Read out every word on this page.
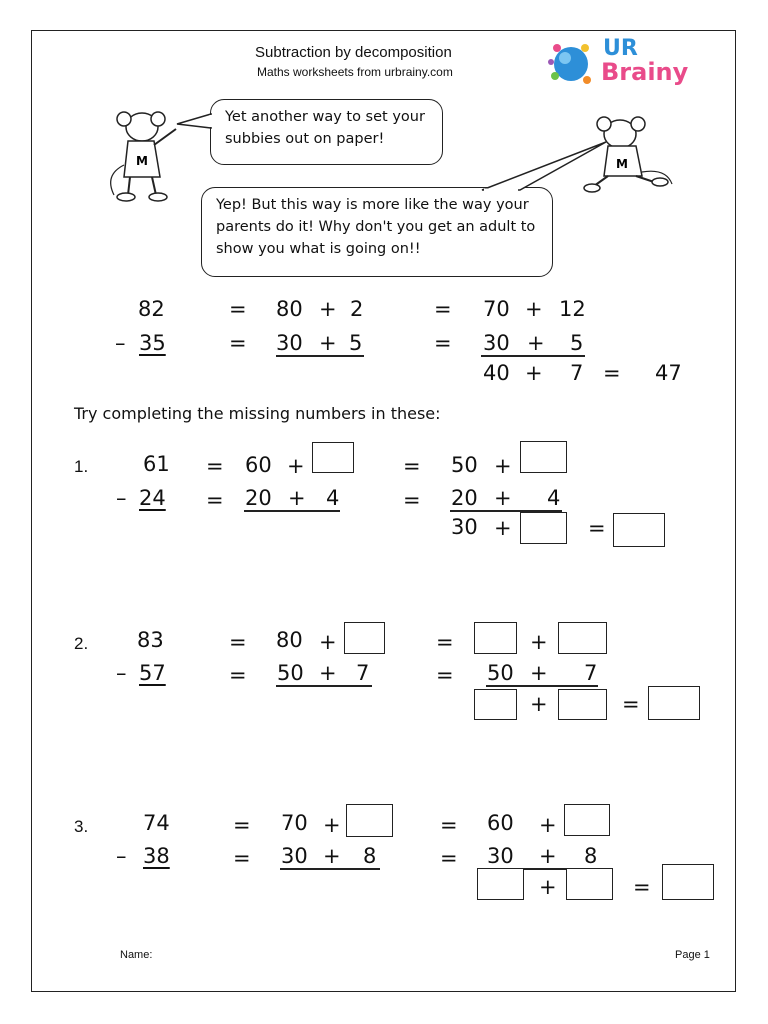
Subtraction by decomposition
Maths worksheets from urbrainy.com
UR
Brainy
M	M
Yet another way to set your subbies out on paper!
Yep! But this way is more like the way your parents do it! Why don't you get an adult to show you what is going on!!
82	= 80 + 2	= 70 + 12
– 35	= 30 + 5	= 30 + 5
40 + 7 = 47
Try completing the missing numbers in these:
1.	61 = 60 +	= 50 +
– 24 = 20 + 4	= 20 + 4
30 +	=
2. 83	= 80 +	=	+
– 57	= 50 + 7	= 50 + 7
+	=
3.	74	= 70 +	= 60 +
– 38	= 30 + 8	= 30 + 8
+	=
Name:	Page 1
